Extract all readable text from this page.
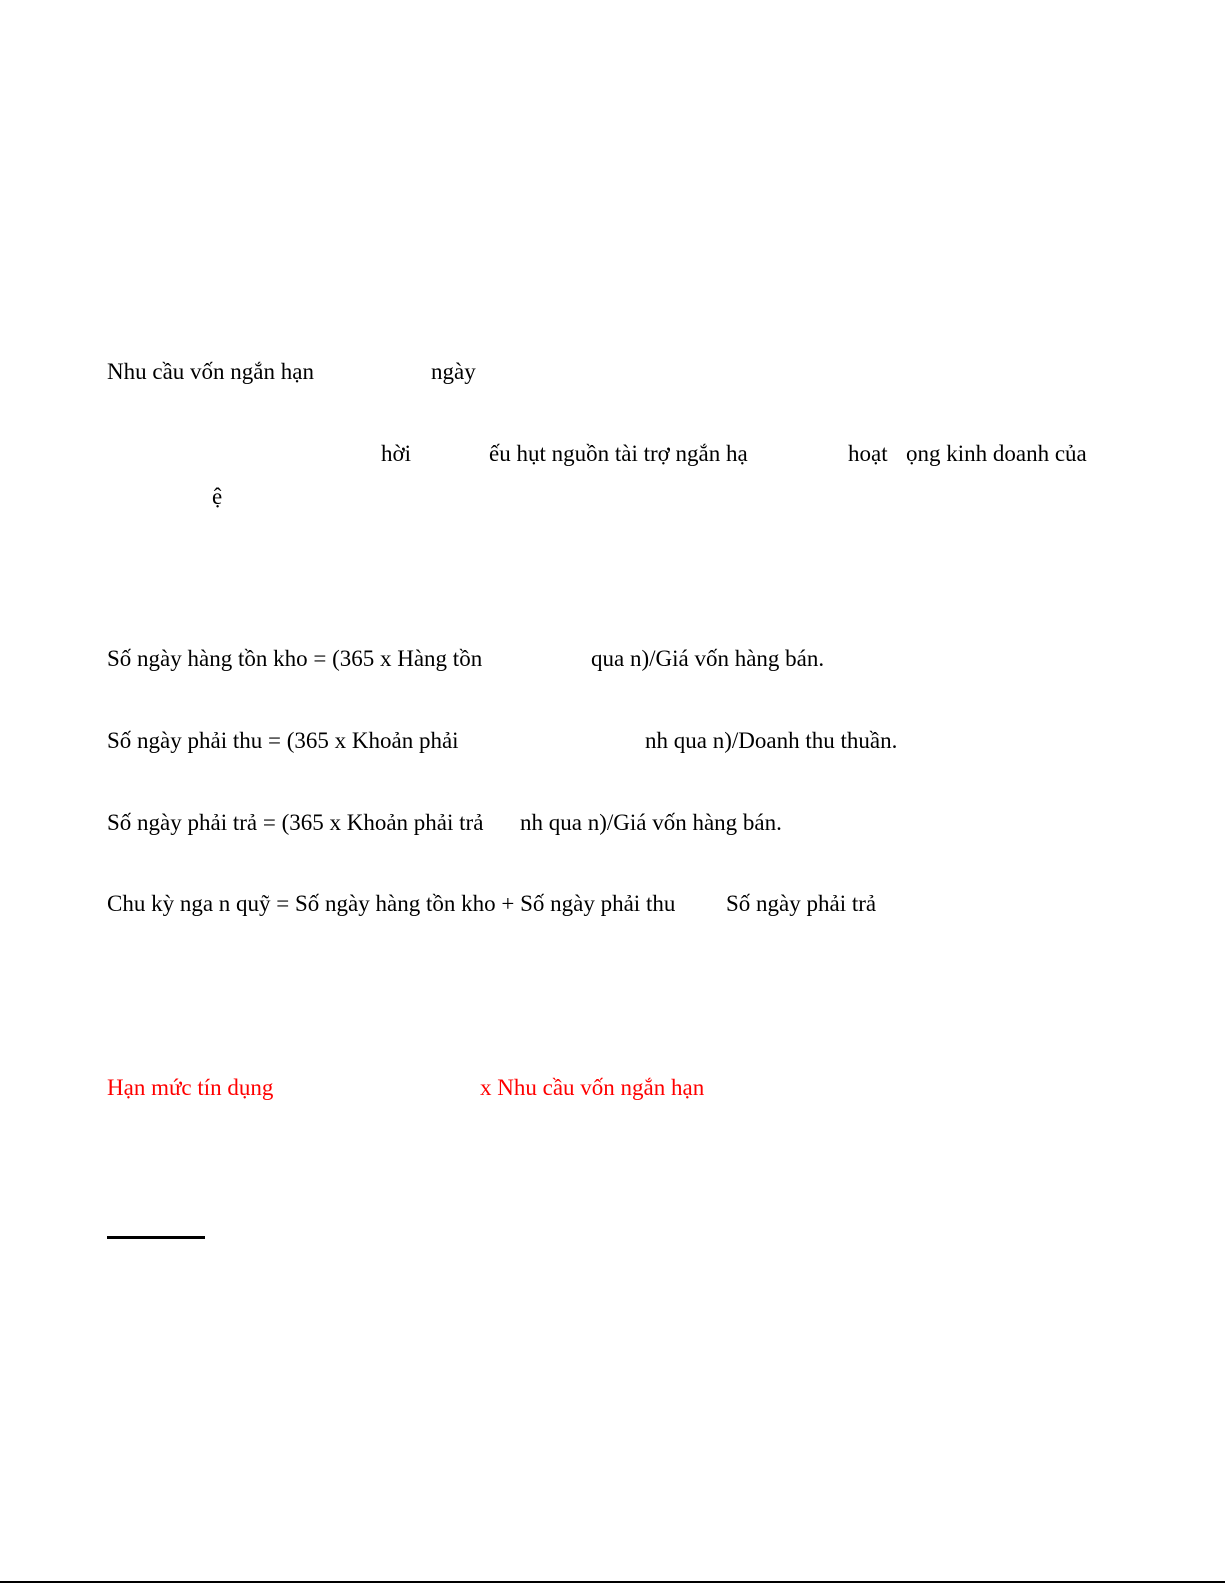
Nhu cầu vốn ngắn hạn	ngày
hời	ếu hụt nguồn tài trợ ngắn hạ	hoạt ọng kinh doanh của
ệ
Số ngày hàng tồn kho = (365 x Hàng tồn	qua n)/Giá vốn hàng bán.
Số ngày phải thu = (365 x Khoản phải	nh qua n)/Doanh thu thuần.
Số ngày phải trả = (365 x Khoản phải trả nh qua n)/Giá vốn hàng bán.
Chu kỳ nga n quỹ = Số ngày hàng tồn kho + Số ngày phải thu Số ngày phải trả
Hạn mức tín dụng	x Nhu cầu vốn ngắn hạn
